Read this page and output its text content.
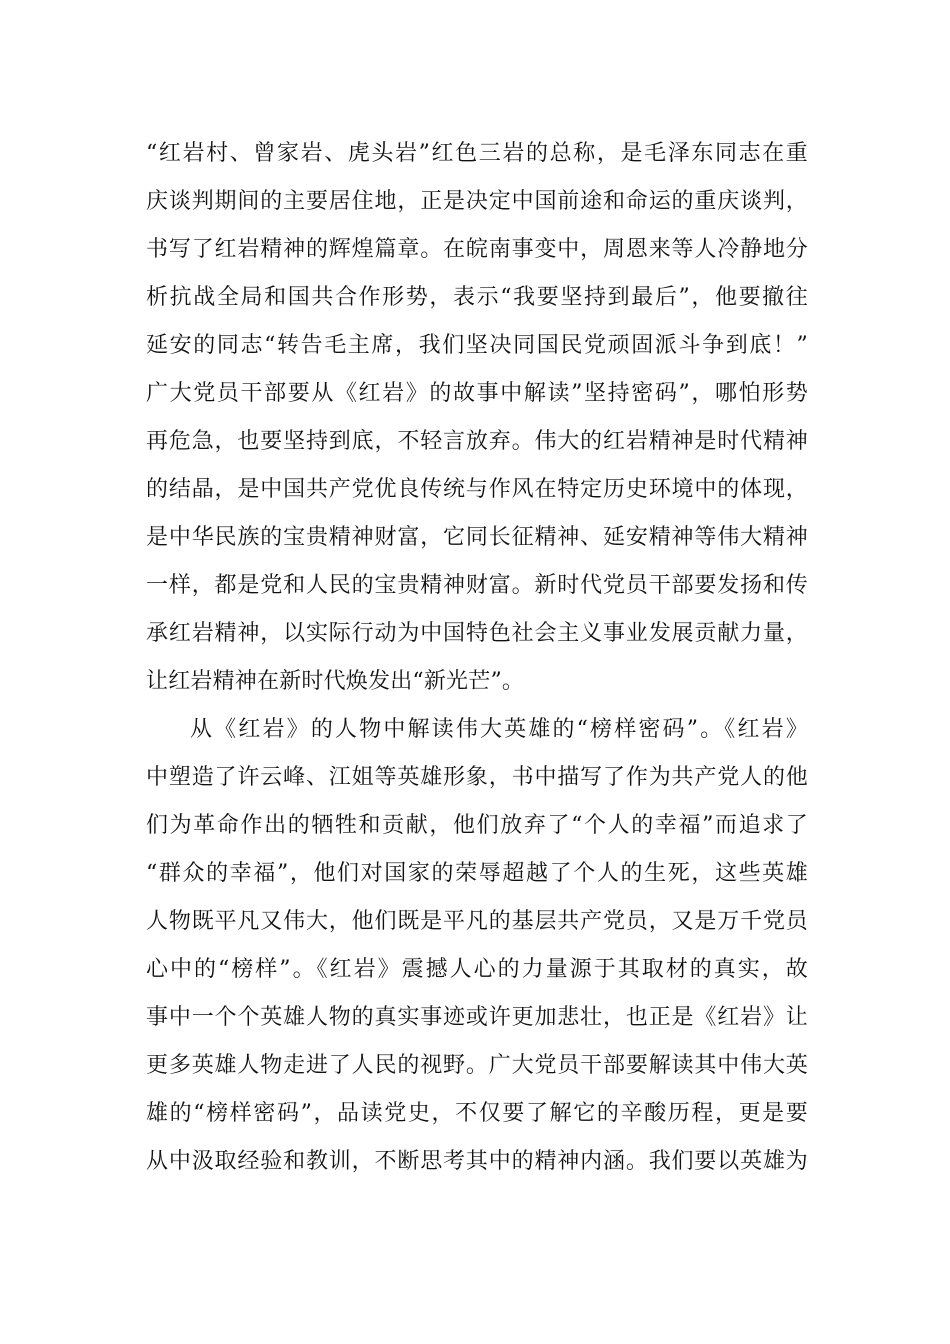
“红岩村、曾家岩、虎头岩”红色三岩的总称，是毛泽东同志在重
庆谈判期间的主要居住地，正是决定中国前途和命运的重庆谈判，
书写了红岩精神的辉煌篇章。在皖南事变中，周恩来等人冷静地分
析抗战全局和国共合作形势，表示“我要坚持到最后”，他要撤往
延安的同志“转告毛主席，我们坚决同国民党顽固派斗争到底！”
广大党员干部要从《红岩》的故事中解读”坚持密码”，哪怕形势
再危急，也要坚持到底，不轻言放弃。伟大的红岩精神是时代精神
的结晶，是中国共产党优良传统与作风在特定历史环境中的体现，
是中华民族的宝贵精神财富，它同长征精神、延安精神等伟大精神
一样，都是党和人民的宝贵精神财富。新时代党员干部要发扬和传
承红岩精神，以实际行动为中国特色社会主义事业发展贡献力量，
让红岩精神在新时代焕发出“新光芒”。
从《红岩》的人物中解读伟大英雄的“榜样密码”。《红岩》
中塑造了许云峰、江姐等英雄形象，书中描写了作为共产党人的他
们为革命作出的牺牲和贡献，他们放弃了“个人的幸福”而追求了
“群众的幸福”，他们对国家的荣辱超越了个人的生死，这些英雄
人物既平凡又伟大，他们既是平凡的基层共产党员，又是万千党员
心中的“榜样”。《红岩》震撼人心的力量源于其取材的真实，故
事中一个个英雄人物的真实事迹或许更加悲壮，也正是《红岩》让
更多英雄人物走进了人民的视野。广大党员干部要解读其中伟大英
雄的“榜样密码”，品读党史，不仅要了解它的辛酸历程，更是要
从中汲取经验和教训，不断思考其中的精神内涵。我们要以英雄为
